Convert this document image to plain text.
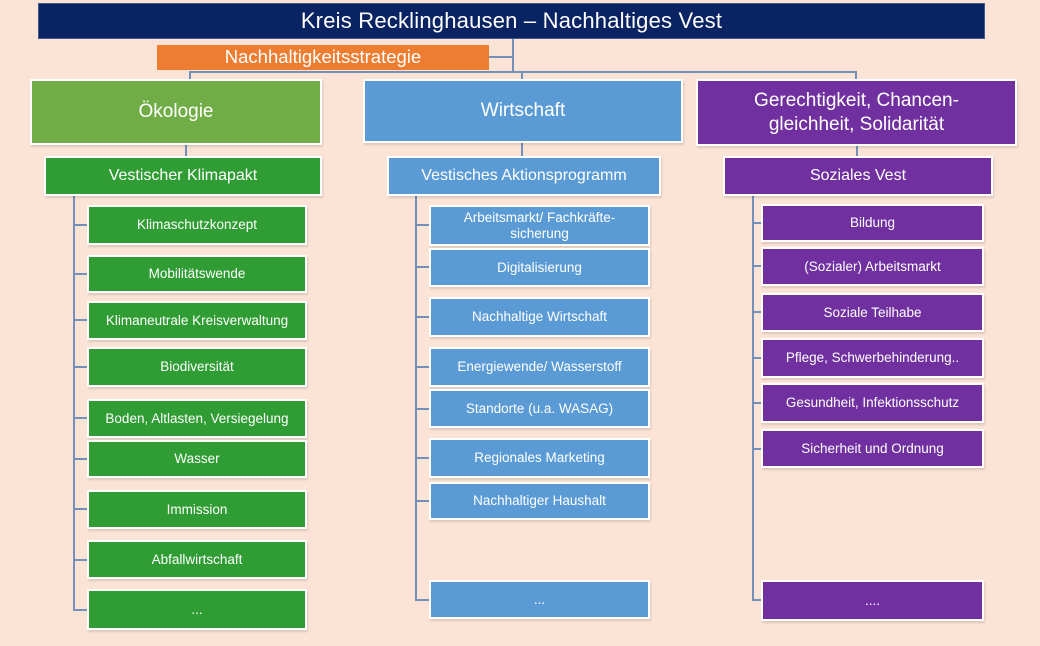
Kreis Recklinghausen – Nachhaltiges Vest
Nachhaltigkeitsstrategie
Ökologie	Wirtschaft	Gerechtigkeit, Chancen-gleichheit, Solidarität
Vestischer Klimapakt	Vestisches Aktionsprogramm	Soziales Vest
Klimaschutzkonzept
Mobilitätswende
Klimaneutrale Kreisverwaltung
Biodiversität
Boden, Altlasten, Versiegelung
Wasser
Immission
Abfallwirtschaft
...
Arbeitsmarkt/ Fachkräfte-sicherung
Digitalisierung
Nachhaltige Wirtschaft
Energiewende/ Wasserstoff
Standorte (u.a. WASAG)
Regionales Marketing
Nachhaltiger Haushalt
...
Bildung
(Sozialer) Arbeitsmarkt
Soziale Teilhabe
Pflege, Schwerbehinderung..
Gesundheit, Infektionsschutz
Sicherheit und Ordnung
....
